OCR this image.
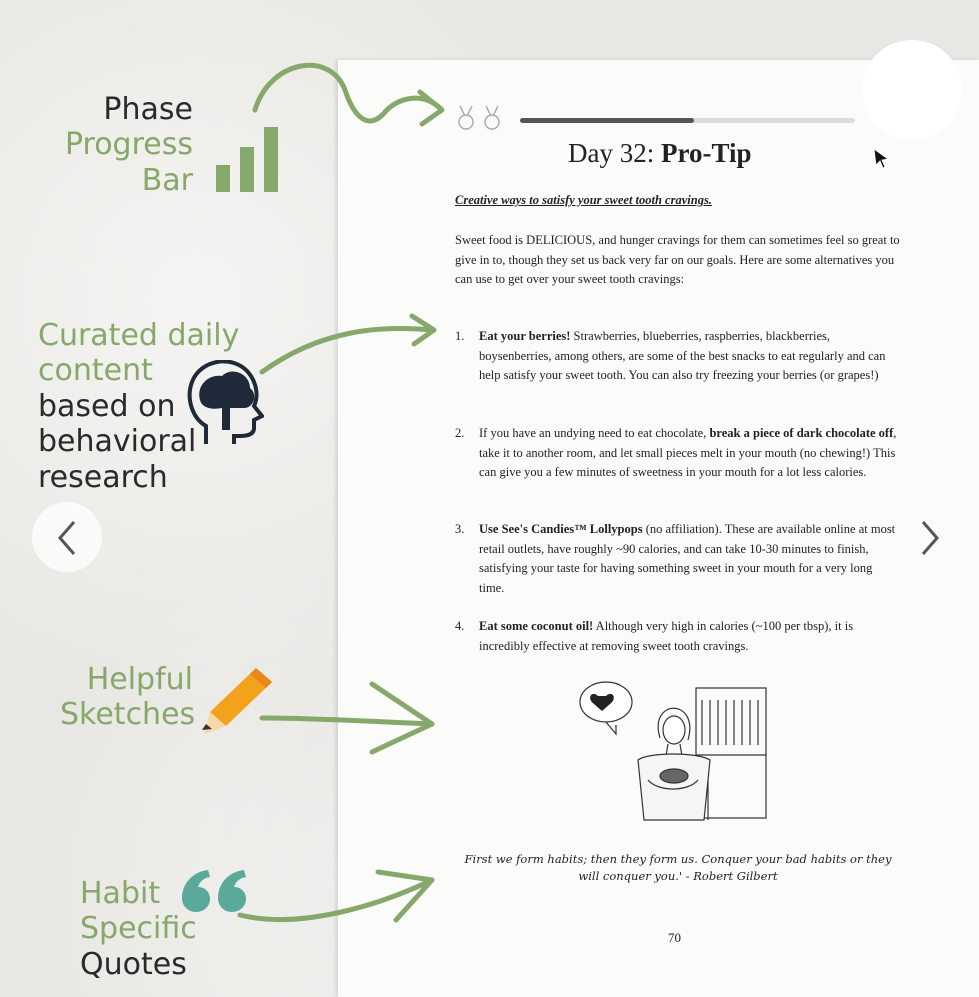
Day 32: Pro-Tip
Creative ways to satisfy your sweet tooth cravings.
Sweet food is DELICIOUS, and hunger cravings for them can sometimes feel so great to give in to, though they set us back very far on our goals. Here are some alternatives you can use to get over your sweet tooth cravings:
1. Eat your berries! Strawberries, blueberries, raspberries, blackberries, boysenberries, among others, are some of the best snacks to eat regularly and can help satisfy your sweet tooth. You can also try freezing your berries (or grapes!)
2. If you have an undying need to eat chocolate, break a piece of dark chocolate off, take it to another room, and let small pieces melt in your mouth (no chewing!) This can give you a few minutes of sweetness in your mouth for a lot less calories.
3. Use See's Candies™ Lollypops (no affiliation). These are available online at most retail outlets, have roughly ~90 calories, and can take 10-30 minutes to finish, satisfying your taste for having something sweet in your mouth for a very long time.
4. Eat some coconut oil! Although very high in calories (~100 per tbsp), it is incredibly effective at removing sweet tooth cravings.
First we form habits; then they form us. Conquer your bad habits or they will conquer you.' - Robert Gilbert
70
Phase
Progress
Bar
Curated daily
content
based on
behavioral
research
Helpful
Sketches
Habit
Specific
Quotes
